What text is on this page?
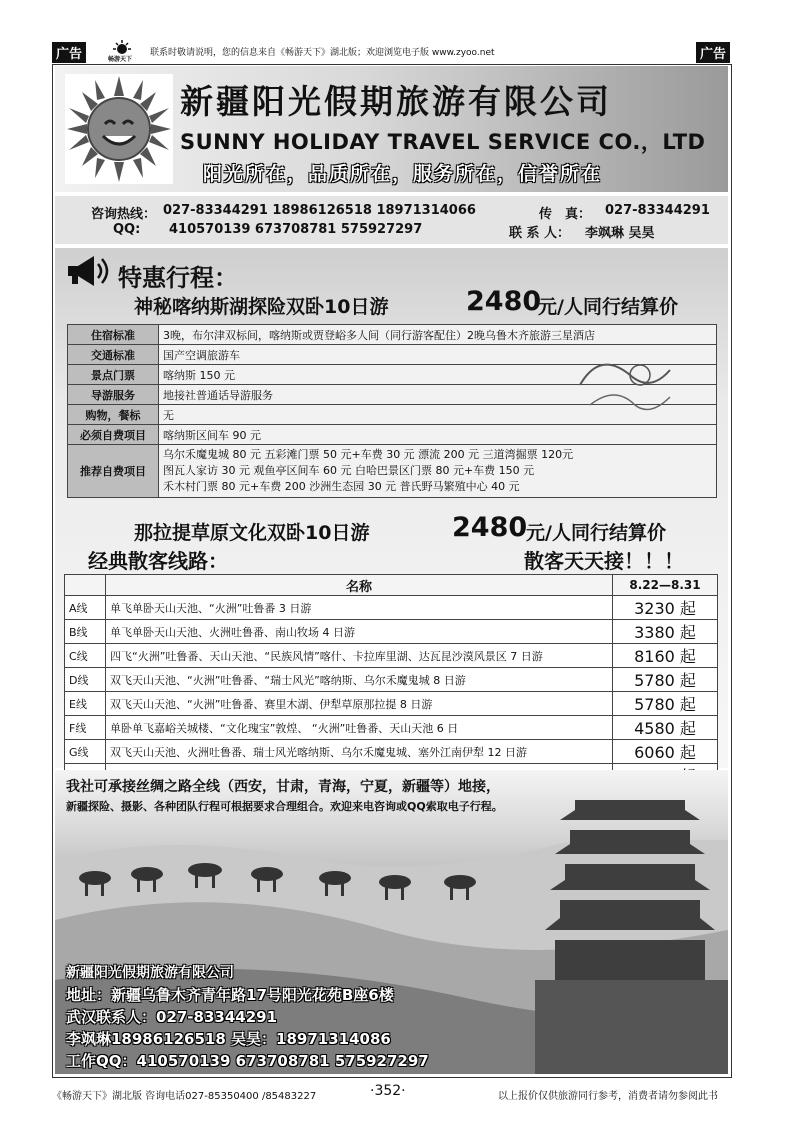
广告	畅游天下
联系时敬请说明，您的信息来自《畅游天下》湖北版；欢迎浏览电子版 www.zyoo.net	广告
新疆阳光假期旅游有限公司
SUNNY HOLIDAY TRAVEL SERVICE CO.，LTD
阳光所在，品质所在，服务所在，信誉所在
咨询热线： 027-83344291 18986126518 18971314066	传　真： 027-83344291
QQ: 410570139 673708781 575927297	联 系 人： 李飒琳 吴昊
特惠行程：
神秘喀纳斯湖探险双卧10日游	2480
元/人同行结算价
住宿标准	3晚，布尔津双标间，喀纳斯或贾登峪多人间（同行游客配住）2晚乌鲁木齐旅游三星酒店
交通标准	国产空调旅游车
景点门票	喀纳斯 150 元
导游服务	地接社普通话导游服务
购物，餐标	无
必须自费项目	喀纳斯区间车 90 元
推荐自费项目	乌尔禾魔鬼城 80 元 五彩滩门票 50 元+车费 30 元 漂流 200 元 三道湾掘票 120元
图瓦人家访 30 元 观鱼亭区间车 60 元 白哈巴景区门票 80 元+车费 150 元
禾木村门票 80 元+车费 200 沙洲生态园 30 元 普氏野马繁殖中心 40 元
那拉提草原文化双卧10日游	2480
元/人同行结算价
经典散客线路：	散客天天接！！！
	名称	8.22—8.31
A线	单飞单卧天山天池、“火洲”吐鲁番 3 日游	3230 起
B线	单飞单卧天山天池、火洲吐鲁番、南山牧场 4 日游	3380 起
C线	四飞“火洲”吐鲁番、天山天池、“民族风情”喀什、卡拉库里湖、达瓦昆沙漠风景区 7 日游	8160 起
D线	双飞天山天池、“火洲”吐鲁番、“瑞士风光”喀纳斯、乌尔禾魔鬼城 8 日游	5780 起
E线	双飞天山天池、“火洲”吐鲁番、赛里木湖、伊犁草原那拉提 8 日游	5780 起
F线	单卧单飞嘉峪关城楼、“文化瑰宝”敦煌、 “火洲”吐鲁番、天山天池 6 日	4580 起
G线	双飞天山天池、火洲吐鲁番、瑞士风光喀纳斯、乌尔禾魔鬼城、塞外江南伊犁 12 日游	6060 起

我社可承接丝绸之路全线（西安，甘肃，青海，宁夏，新疆等）地接，
新疆探险、摄影、各种团队行程可根据要求合理组合。欢迎来电咨询或QQ索取电子行程。
新疆阳光假期旅游有限公司
地址：新疆乌鲁木齐青年路17号阳光花苑B座6楼
武汉联系人：027-83344291
李飒琳18986126518 吴昊：18971314086
工作QQ：410570139 673708781 575927297
《畅游天下》湖北版 咨询电话027-85350400 /85483227	·352·	以上报价仅供旅游同行参考，消费者请勿参阅此书
